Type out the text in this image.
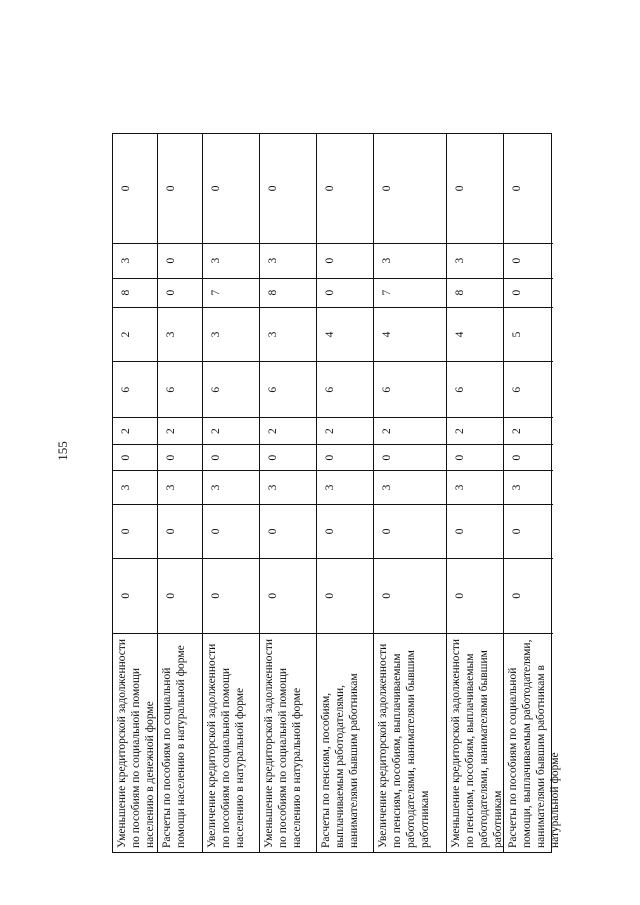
155
Уменьшение кредиторской задолженности по пособиям по социальной помощи населению в денежной форме
0
0
3
0
2
6
2
8
3
0
Расчеты по пособиям по социальной помощи населению в натуральной форме
0
0
3
0
2
6
3
0
0
0
Увеличение кредиторской задолженности по пособиям по социальной помощи населению в натуральной форме
0
0
3
0
2
6
3
7
3
0
Уменьшение кредиторской задолженности по пособиям по социальной помощи населению в натуральной форме
0
0
3
0
2
6
3
8
3
0
Расчеты по пенсиям, пособиям, выплачиваемым работодателями, нанимателями бывшим работникам
0
0
3
0
2
6
4
0
0
0
Увеличение кредиторской задолженности по пенсиям, пособиям, выплачиваемым работодателями, нанимателями бывшим работникам
0
0
3
0
2
6
4
7
3
0
Уменьшение кредиторской задолженности по пенсиям, пособиям, выплачиваемым работодателями, нанимателями бывшим работникам
0
0
3
0
2
6
4
8
3
0
Расчеты по пособиям по социальной помощи, выплачиваемым работодателями, нанимателями бывшим работникам в натуральной форме
0
0
3
0
2
6
5
0
0
0
